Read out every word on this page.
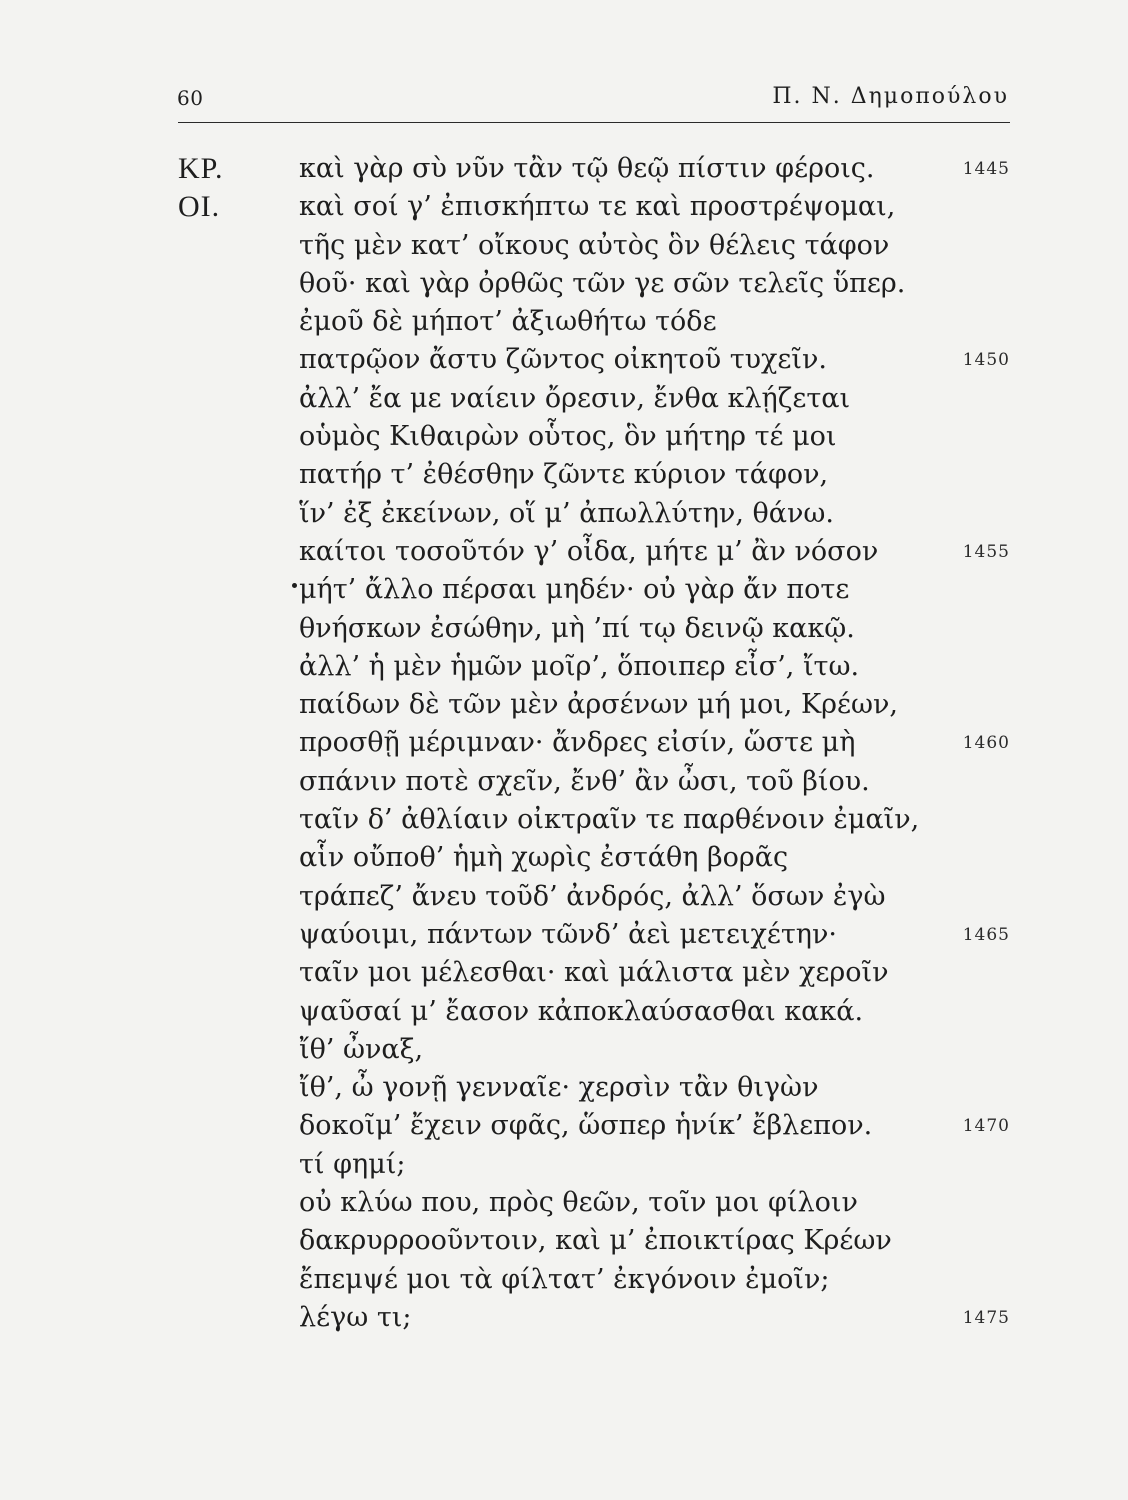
60	Π. Ν. Δημοπούλου
ΚΡ.	καὶ γὰρ σὺ νῦν τἂν τῷ θεῷ πίστιν φέροις.	1445
ΟΙ.	καὶ σοί γ’ ἐπισκήπτω τε καὶ προστρέψομαι,
τῆς μὲν κατ’ οἴκους αὐτὸς ὃν θέλεις τάφον
θοῦ· καὶ γὰρ ὀρθῶς τῶν γε σῶν τελεῖς ὕπερ.
ἐμοῦ δὲ μήποτ’ ἀξιωθήτω τόδε
πατρῷον ἄστυ ζῶντος οἰκητοῦ τυχεῖν.	1450
ἀλλ’ ἔα με ναίειν ὄρεσιν, ἔνθα κλῄζεται
οὑμὸς Κιθαιρὼν οὗτος, ὃν μήτηρ τέ μοι
πατήρ τ’ ἐθέσθην ζῶντε κύριον τάφον,
ἵν’ ἐξ ἐκείνων, οἵ μ’ ἀπωλλύτην, θάνω.
καίτοι τοσοῦτόν γ’ οἶδα, μήτε μ’ ἂν νόσον	1455
μήτ’ ἄλλο πέρσαι μηδέν· οὐ γὰρ ἄν ποτε
θνήσκων ἐσώθην, μὴ ’πί τῳ δεινῷ κακῷ.
ἀλλ’ ἡ μὲν ἡμῶν μοῖρ’, ὅποιπερ εἶσ’, ἴτω.
παίδων δὲ τῶν μὲν ἀρσένων μή μοι, Κρέων,
προσθῇ μέριμναν· ἄνδρες εἰσίν, ὥστε μὴ	1460
σπάνιν ποτὲ σχεῖν, ἔνθ’ ἂν ὦσι, τοῦ βίου.
ταῖν δ’ ἀθλίαιν οἰκτραῖν τε παρθένοιν ἐμαῖν,
αἷν οὔποθ’ ἡμὴ χωρὶς ἐστάθη βορᾶς
τράπεζ’ ἄνευ τοῦδ’ ἀνδρός, ἀλλ’ ὅσων ἐγὼ
ψαύοιμι, πάντων τῶνδ’ ἀεὶ μετειχέτην·	1465
ταῖν μοι μέλεσθαι· καὶ μάλιστα μὲν χεροῖν
ψαῦσαί μ’ ἔασον κἀποκλαύσασθαι κακά.
ἴθ’ ὦναξ,
ἴθ’, ὦ γονῇ γενναῖε· χερσὶν τἂν θιγὼν
δοκοῖμ’ ἔχειν σφᾶς, ὥσπερ ἡνίκ’ ἔβλεπον.	1470
τί φημί;
οὐ κλύω που, πρὸς θεῶν, τοῖν μοι φίλοιν
δακρυρροοῦντοιν, καὶ μ’ ἐποικτίρας Κρέων
ἔπεμψέ μοι τὰ φίλτατ’ ἐκγόνοιν ἐμοῖν;
λέγω τι;	1475
